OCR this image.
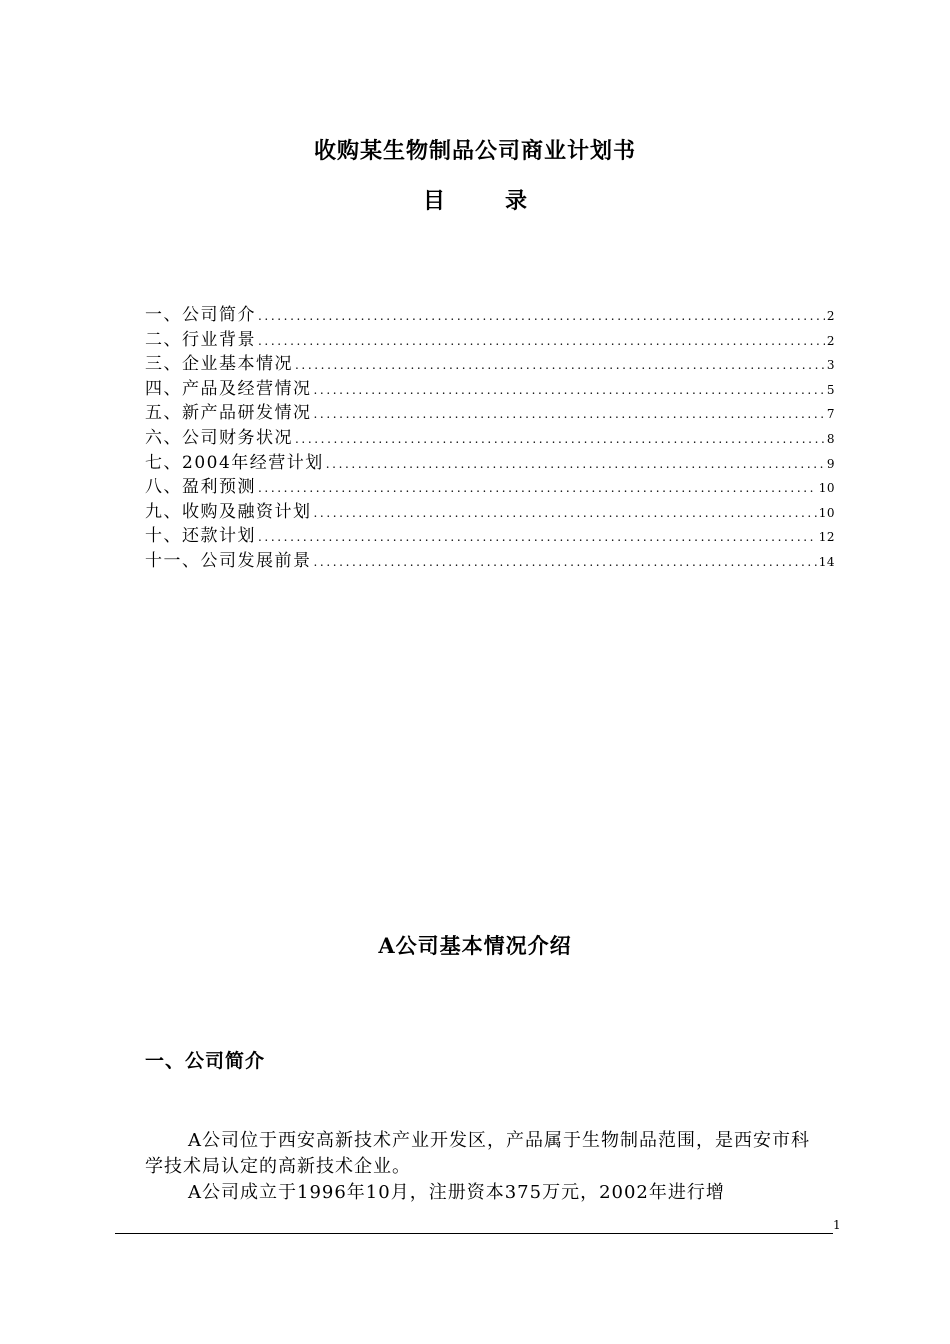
收购某生物制品公司商业计划书
目	录
一、公司简介 .....	2
二、行业背景 .....	2
三、企业基本情况 .....	3
四、产品及经营情况 .....	5
五、新产品研发情况 .....	7
六、公司财务状况 .....	8
七、2004年经营计划 .....	9
八、盈利预测 .....	10
九、收购及融资计划 .....	10
十、还款计划 .....	12
十一、公司发展前景 .....	14
A公司基本情况介绍
一、公司简介

A公司位于西安高新技术产业开发区，产品属于生物制品范围，是西安市科学技术局认定的高新技术企业。

A公司成立于1996年10月，注册资本375万元，2002年进行增

1
